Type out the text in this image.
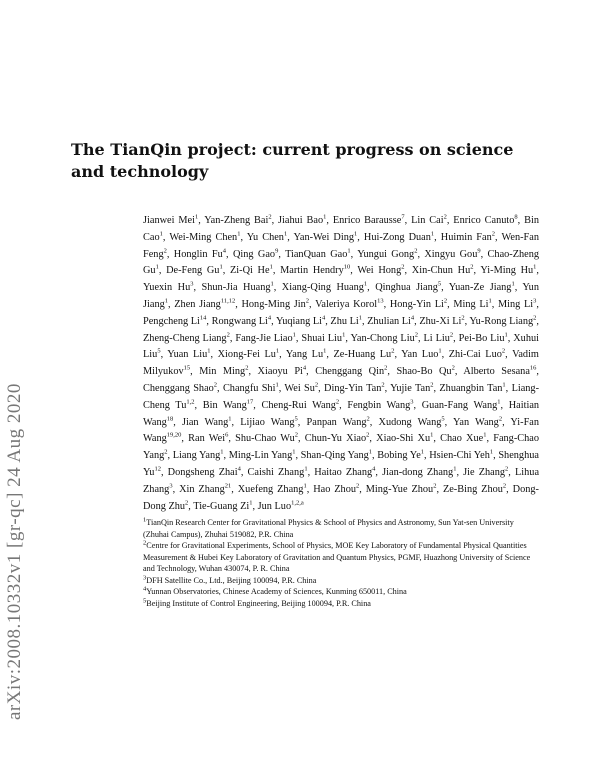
arXiv:2008.10332v1 [gr-qc] 24 Aug 2020
The TianQin project: current progress on science and technology
Jianwei Mei$^1$, Yan-Zheng Bai$^2$, Jiahui Bao$^1$, Enrico Barausse$^7$, Lin Cai$^2$, Enrico Canuto$^8$, Bin Cao$^1$, Wei-Ming Chen$^1$, Yu Chen$^1$, Yan-Wei Ding$^1$, Hui-Zong Duan$^1$, Huimin Fan$^2$, Wen-Fan Feng$^2$, Honglin Fu$^4$, Qing Gao$^9$, TianQuan Gao$^1$, Yungui Gong$^2$, Xingyu Gou$^9$, Chao-Zheng Gu$^1$, De-Feng Gu$^1$, Zi-Qi He$^1$, Martin Hendry$^{10}$, Wei Hong$^2$, Xin-Chun Hu$^2$, Yi-Ming Hu$^1$, Yuexin Hu$^3$, Shun-Jia Huang$^1$, Xiang-Qing Huang$^1$, Qinghua Jiang$^5$, Yuan-Ze Jiang$^1$, Yun Jiang$^1$, Zhen Jiang$^{11,12}$, Hong-Ming Jin$^2$, Valeriya Korol$^{13}$, Hong-Yin Li$^2$, Ming Li$^1$, Ming Li$^3$, Pengcheng Li$^{14}$, Rongwang Li$^4$, Yuqiang Li$^4$, Zhu Li$^1$, Zhulian Li$^4$, Zhu-Xi Li$^2$, Yu-Rong Liang$^2$, Zheng-Cheng Liang$^2$, Fang-Jie Liao$^1$, Shuai Liu$^1$, Yan-Chong Liu$^2$, Li Liu$^2$, Pei-Bo Liu$^1$, Xuhui Liu$^5$, Yuan Liu$^1$, Xiong-Fei Lu$^1$, Yang Lu$^1$, Ze-Huang Lu$^2$, Yan Luo$^1$, Zhi-Cai Luo$^2$, Vadim Milyukov$^{15}$, Min Ming$^2$, Xiaoyu Pi$^4$, Chenggang Qin$^2$, Shao-Bo Qu$^2$, Alberto Sesana$^{16}$, Chenggang Shao$^2$, Changfu Shi$^1$, Wei Su$^2$, Ding-Yin Tan$^2$, Yujie Tan$^2$, Zhuangbin Tan$^1$, Liang-Cheng Tu$^{1,2}$, Bin Wang$^{17}$, Cheng-Rui Wang$^2$, Fengbin Wang$^3$, Guan-Fang Wang$^1$, Haitian Wang$^{18}$, Jian Wang$^1$, Lijiao Wang$^5$, Panpan Wang$^2$, Xudong Wang$^5$, Yan Wang$^2$, Yi-Fan Wang$^{19,20}$, Ran Wei$^6$, Shu-Chao Wu$^2$, Chun-Yu Xiao$^2$, Xiao-Shi Xu$^1$, Chao Xue$^1$, Fang-Chao Yang$^2$, Liang Yang$^1$, Ming-Lin Yang$^1$, Shan-Qing Yang$^1$, Bobing Ye$^1$, Hsien-Chi Yeh$^1$, Shenghua Yu$^{12}$, Dongsheng Zhai$^4$, Caishi Zhang$^1$, Haitao Zhang$^4$, Jian-dong Zhang$^1$, Jie Zhang$^2$, Lihua Zhang$^3$, Xin Zhang$^{21}$, Xuefeng Zhang$^1$, Hao Zhou$^2$, Ming-Yue Zhou$^2$, Ze-Bing Zhou$^2$, Dong-Dong Zhu$^2$, Tie-Guang Zi$^1$, Jun Luo$^{1,2,a}$
$^1$TianQin Research Center for Gravitational Physics & School of Physics and Astronomy, Sun Yat-sen University (Zhuhai Campus), Zhuhai 519082, P.R. China
$^2$Centre for Gravitational Experiments, School of Physics, MOE Key Laboratory of Fundamental Physical Quantities Measurement & Hubei Key Laboratory of Gravitation and Quantum Physics, PGMF, Huazhong University of Science and Technology, Wuhan 430074, P. R. China
$^3$DFH Satellite Co., Ltd., Beijing 100094, P.R. China
$^4$Yunnan Observatories, Chinese Academy of Sciences, Kunming 650011, China
$^5$Beijing Institute of Control Engineering, Beijing 100094, P.R. China
